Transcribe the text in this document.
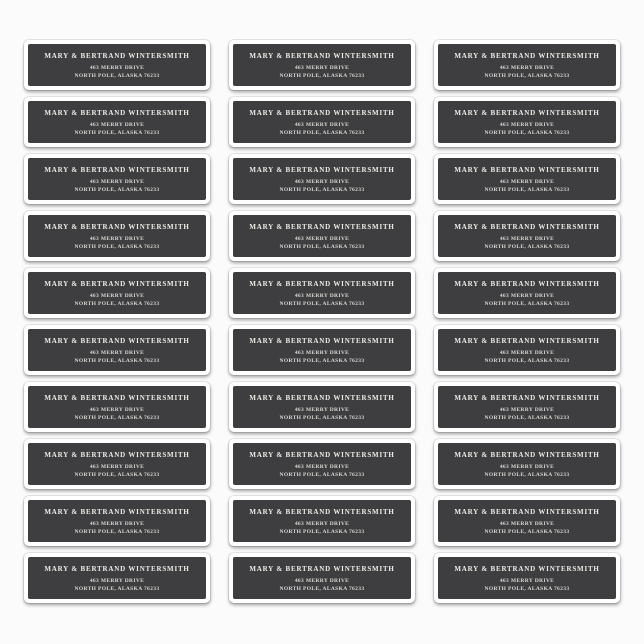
MARY & BERTRAND WINTERSMITH
463 MERRY DRIVE
NORTH POLE, ALASKA 76233
MARY & BERTRAND WINTERSMITH
463 MERRY DRIVE
NORTH POLE, ALASKA 76233
MARY & BERTRAND WINTERSMITH
463 MERRY DRIVE
NORTH POLE, ALASKA 76233
MARY & BERTRAND WINTERSMITH
463 MERRY DRIVE
NORTH POLE, ALASKA 76233
MARY & BERTRAND WINTERSMITH
463 MERRY DRIVE
NORTH POLE, ALASKA 76233
MARY & BERTRAND WINTERSMITH
463 MERRY DRIVE
NORTH POLE, ALASKA 76233
MARY & BERTRAND WINTERSMITH
463 MERRY DRIVE
NORTH POLE, ALASKA 76233
MARY & BERTRAND WINTERSMITH
463 MERRY DRIVE
NORTH POLE, ALASKA 76233
MARY & BERTRAND WINTERSMITH
463 MERRY DRIVE
NORTH POLE, ALASKA 76233
MARY & BERTRAND WINTERSMITH
463 MERRY DRIVE
NORTH POLE, ALASKA 76233
MARY & BERTRAND WINTERSMITH
463 MERRY DRIVE
NORTH POLE, ALASKA 76233
MARY & BERTRAND WINTERSMITH
463 MERRY DRIVE
NORTH POLE, ALASKA 76233
MARY & BERTRAND WINTERSMITH
463 MERRY DRIVE
NORTH POLE, ALASKA 76233
MARY & BERTRAND WINTERSMITH
463 MERRY DRIVE
NORTH POLE, ALASKA 76233
MARY & BERTRAND WINTERSMITH
463 MERRY DRIVE
NORTH POLE, ALASKA 76233
MARY & BERTRAND WINTERSMITH
463 MERRY DRIVE
NORTH POLE, ALASKA 76233
MARY & BERTRAND WINTERSMITH
463 MERRY DRIVE
NORTH POLE, ALASKA 76233
MARY & BERTRAND WINTERSMITH
463 MERRY DRIVE
NORTH POLE, ALASKA 76233
MARY & BERTRAND WINTERSMITH
463 MERRY DRIVE
NORTH POLE, ALASKA 76233
MARY & BERTRAND WINTERSMITH
463 MERRY DRIVE
NORTH POLE, ALASKA 76233
MARY & BERTRAND WINTERSMITH
463 MERRY DRIVE
NORTH POLE, ALASKA 76233
MARY & BERTRAND WINTERSMITH
463 MERRY DRIVE
NORTH POLE, ALASKA 76233
MARY & BERTRAND WINTERSMITH
463 MERRY DRIVE
NORTH POLE, ALASKA 76233
MARY & BERTRAND WINTERSMITH
463 MERRY DRIVE
NORTH POLE, ALASKA 76233
MARY & BERTRAND WINTERSMITH
463 MERRY DRIVE
NORTH POLE, ALASKA 76233
MARY & BERTRAND WINTERSMITH
463 MERRY DRIVE
NORTH POLE, ALASKA 76233
MARY & BERTRAND WINTERSMITH
463 MERRY DRIVE
NORTH POLE, ALASKA 76233
MARY & BERTRAND WINTERSMITH
463 MERRY DRIVE
NORTH POLE, ALASKA 76233
MARY & BERTRAND WINTERSMITH
463 MERRY DRIVE
NORTH POLE, ALASKA 76233
MARY & BERTRAND WINTERSMITH
463 MERRY DRIVE
NORTH POLE, ALASKA 76233
